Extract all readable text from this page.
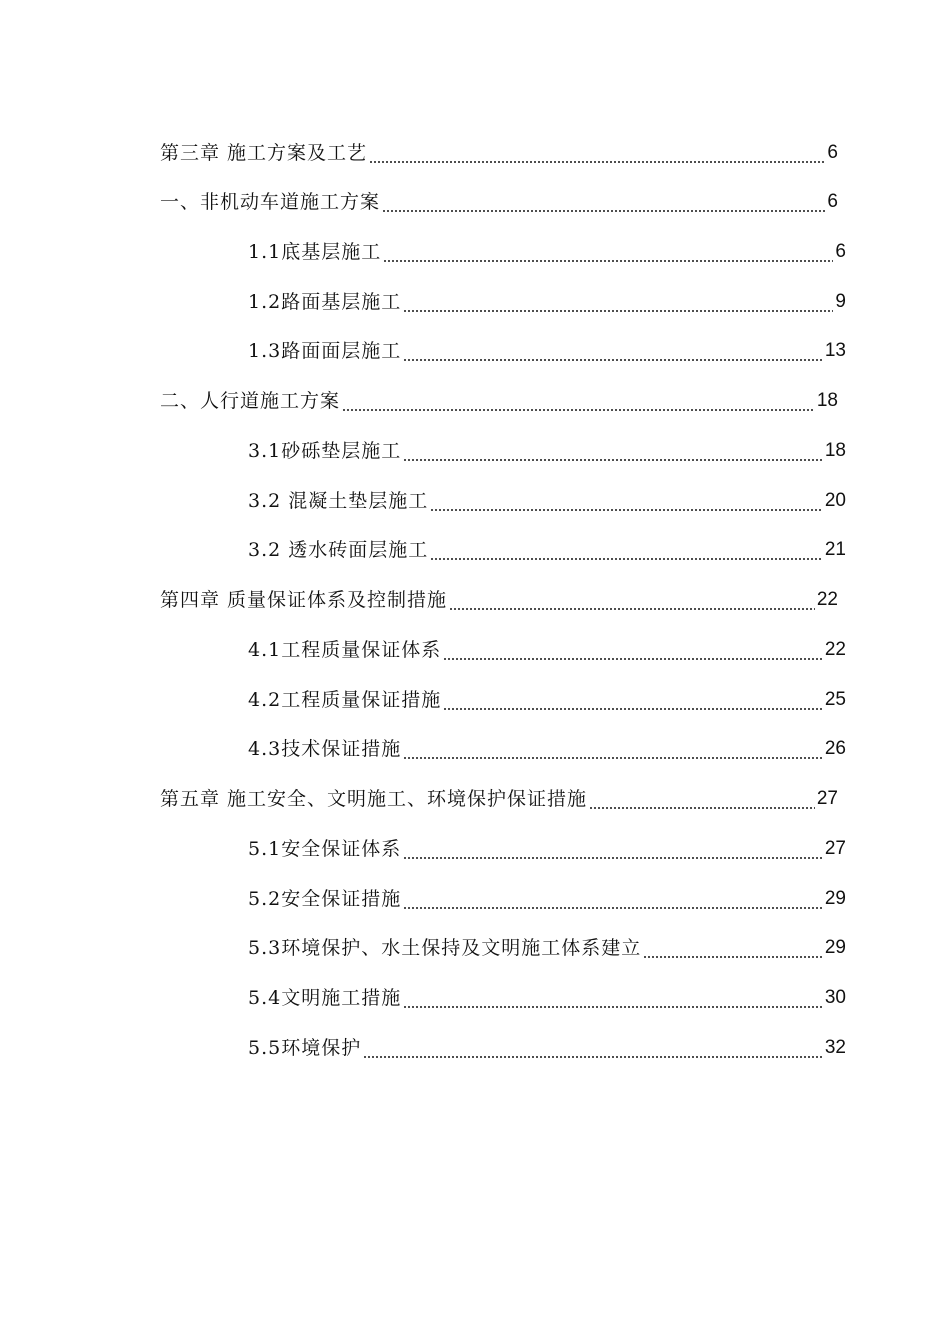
第三章 施工方案及工艺	6
一、非机动车道施工方案	6
1.1底基层施工	6
1.2路面基层施工	9
1.3路面面层施工	13
二、人行道施工方案	18
3.1砂砾垫层施工	18
3.2 混凝土垫层施工	20
3.2 透水砖面层施工	21
第四章 质量保证体系及控制措施	22
4.1工程质量保证体系	22
4.2工程质量保证措施	25
4.3技术保证措施	26
第五章 施工安全、文明施工、环境保护保证措施	27
5.1安全保证体系	27
5.2安全保证措施	29
5.3环境保护、水土保持及文明施工体系建立	29
5.4文明施工措施	30
5.5环境保护	32
